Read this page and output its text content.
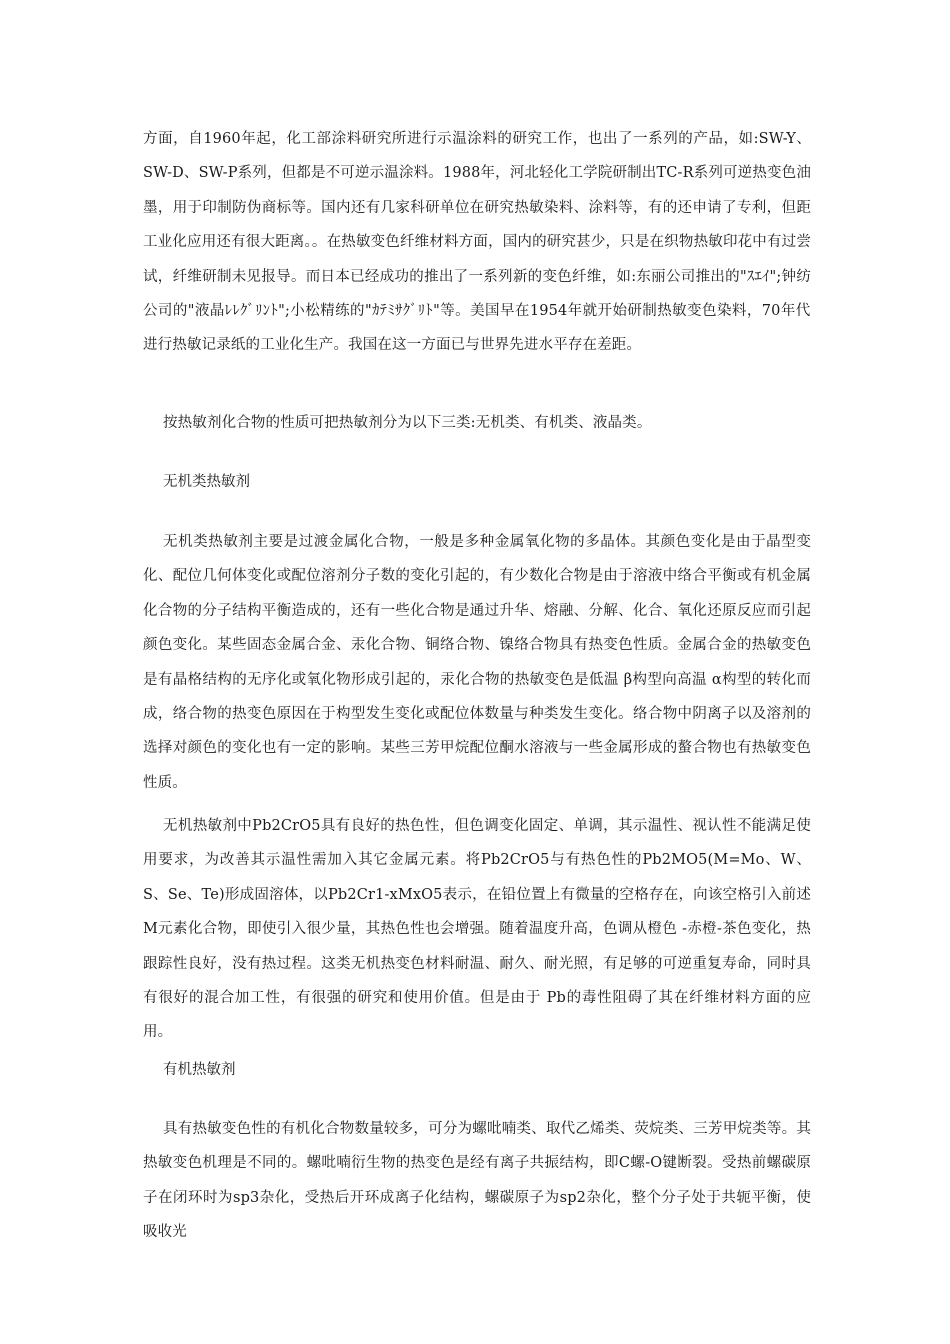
方面，自1960年起，化工部涂料研究所进行示温涂料的研究工作，也出了一系列的产品，如:SW-Y、SW-D、SW-P系列，但都是不可逆示温涂料。1988年，河北轻化工学院研制出TC-R系列可逆热变色油墨，用于印制防伪商标等。国内还有几家科研单位在研究热敏染料、涂料等，有的还申请了专利，但距工业化应用还有很大距离。。在热敏变色纤维材料方面，国内的研究甚少，只是在织物热敏印花中有过尝试，纤维研制未见报导。而日本已经成功的推出了一系列新的变色纤维，如:东丽公司推出的"ｽｴｲ";钟纺公司的"液晶ﾚﾚｸﾞﾘﾝﾄ";小松精练的"ｶﾃﾐｻｸﾞﾘﾄ"等。美国早在1954年就开始研制热敏变色染料，70年代进行热敏记录纸的工业化生产。我国在这一方面已与世界先进水平存在差距。

按热敏剂化合物的性质可把热敏剂分为以下三类:无机类、有机类、液晶类。

无机类热敏剂

无机类热敏剂主要是过渡金属化合物，一般是多种金属氧化物的多晶体。其颜色变化是由于晶型变化、配位几何体变化或配位溶剂分子数的变化引起的，有少数化合物是由于溶液中络合平衡或有机金属化合物的分子结构平衡造成的，还有一些化合物是通过升华、熔融、分解、化合、氧化还原反应而引起颜色变化。某些固态金属合金、汞化合物、铜络合物、镍络合物具有热变色性质。金属合金的热敏变色是有晶格结构的无序化或氧化物形成引起的，汞化合物的热敏变色是低温 β构型向高温 α构型的转化而成，络合物的热变色原因在于构型发生变化或配位体数量与种类发生变化。络合物中阴离子以及溶剂的选择对颜色的变化也有一定的影响。某些三芳甲烷配位酮水溶液与一些金属形成的螯合物也有热敏变色性质。

无机热敏剂中Pb2CrO5具有良好的热色性，但色调变化固定、单调，其示温性、视认性不能满足使用要求，为改善其示温性需加入其它金属元素。将Pb2CrO5与有热色性的Pb2MO5(M=Mo、W、S、Se、Te)形成固溶体，以Pb2Cr1-xMxO5表示，在铅位置上有微量的空格存在，向该空格引入前述M元素化合物，即使引入很少量，其热色性也会增强。随着温度升高，色调从橙色 -赤橙-茶色变化，热跟踪性良好，没有热过程。这类无机热变色材料耐温、耐久、耐光照，有足够的可逆重复寿命，同时具有很好的混合加工性，有很强的研究和使用价值。但是由于 Pb的毒性阻碍了其在纤维材料方面的应用。

有机热敏剂

具有热敏变色性的有机化合物数量较多，可分为螺吡喃类、取代乙烯类、荧烷类、三芳甲烷类等。其热敏变色机理是不同的。螺吡喃衍生物的热变色是经有离子共振结构，即C螺-O键断裂。受热前螺碳原子在闭环时为sp3杂化，受热后开环成离子化结构，螺碳原子为sp2杂化，整个分子处于共轭平衡，使吸收光
